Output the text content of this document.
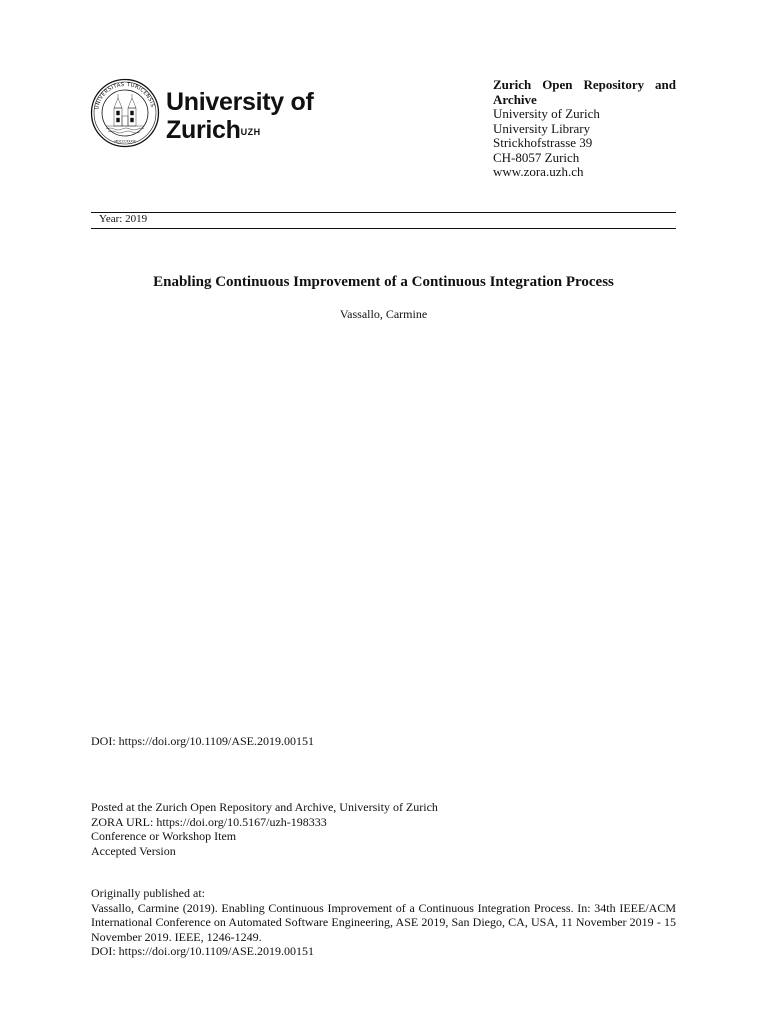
UNIVERSITAS TURICENSIS
MDCCCXXXIII
University of
Zurich$^{UZH}$
Zurich Open Repository and Archive
University of Zurich
University Library
Strickhofstrasse 39
CH-8057 Zurich
www.zora.uzh.ch
Year: 2019
Enabling Continuous Improvement of a Continuous Integration Process
Vassallo, Carmine
DOI: https://doi.org/10.1109/ASE.2019.00151
Posted at the Zurich Open Repository and Archive, University of Zurich
ZORA URL: https://doi.org/10.5167/uzh-198333
Conference or Workshop Item
Accepted Version
Originally published at:
Vassallo, Carmine (2019). Enabling Continuous Improvement of a Continuous Integration Process. In: 34th IEEE/ACM International Conference on Automated Software Engineering, ASE 2019, San Diego, CA, USA, 11 November 2019 - 15 November 2019. IEEE, 1246-1249.
DOI: https://doi.org/10.1109/ASE.2019.00151
